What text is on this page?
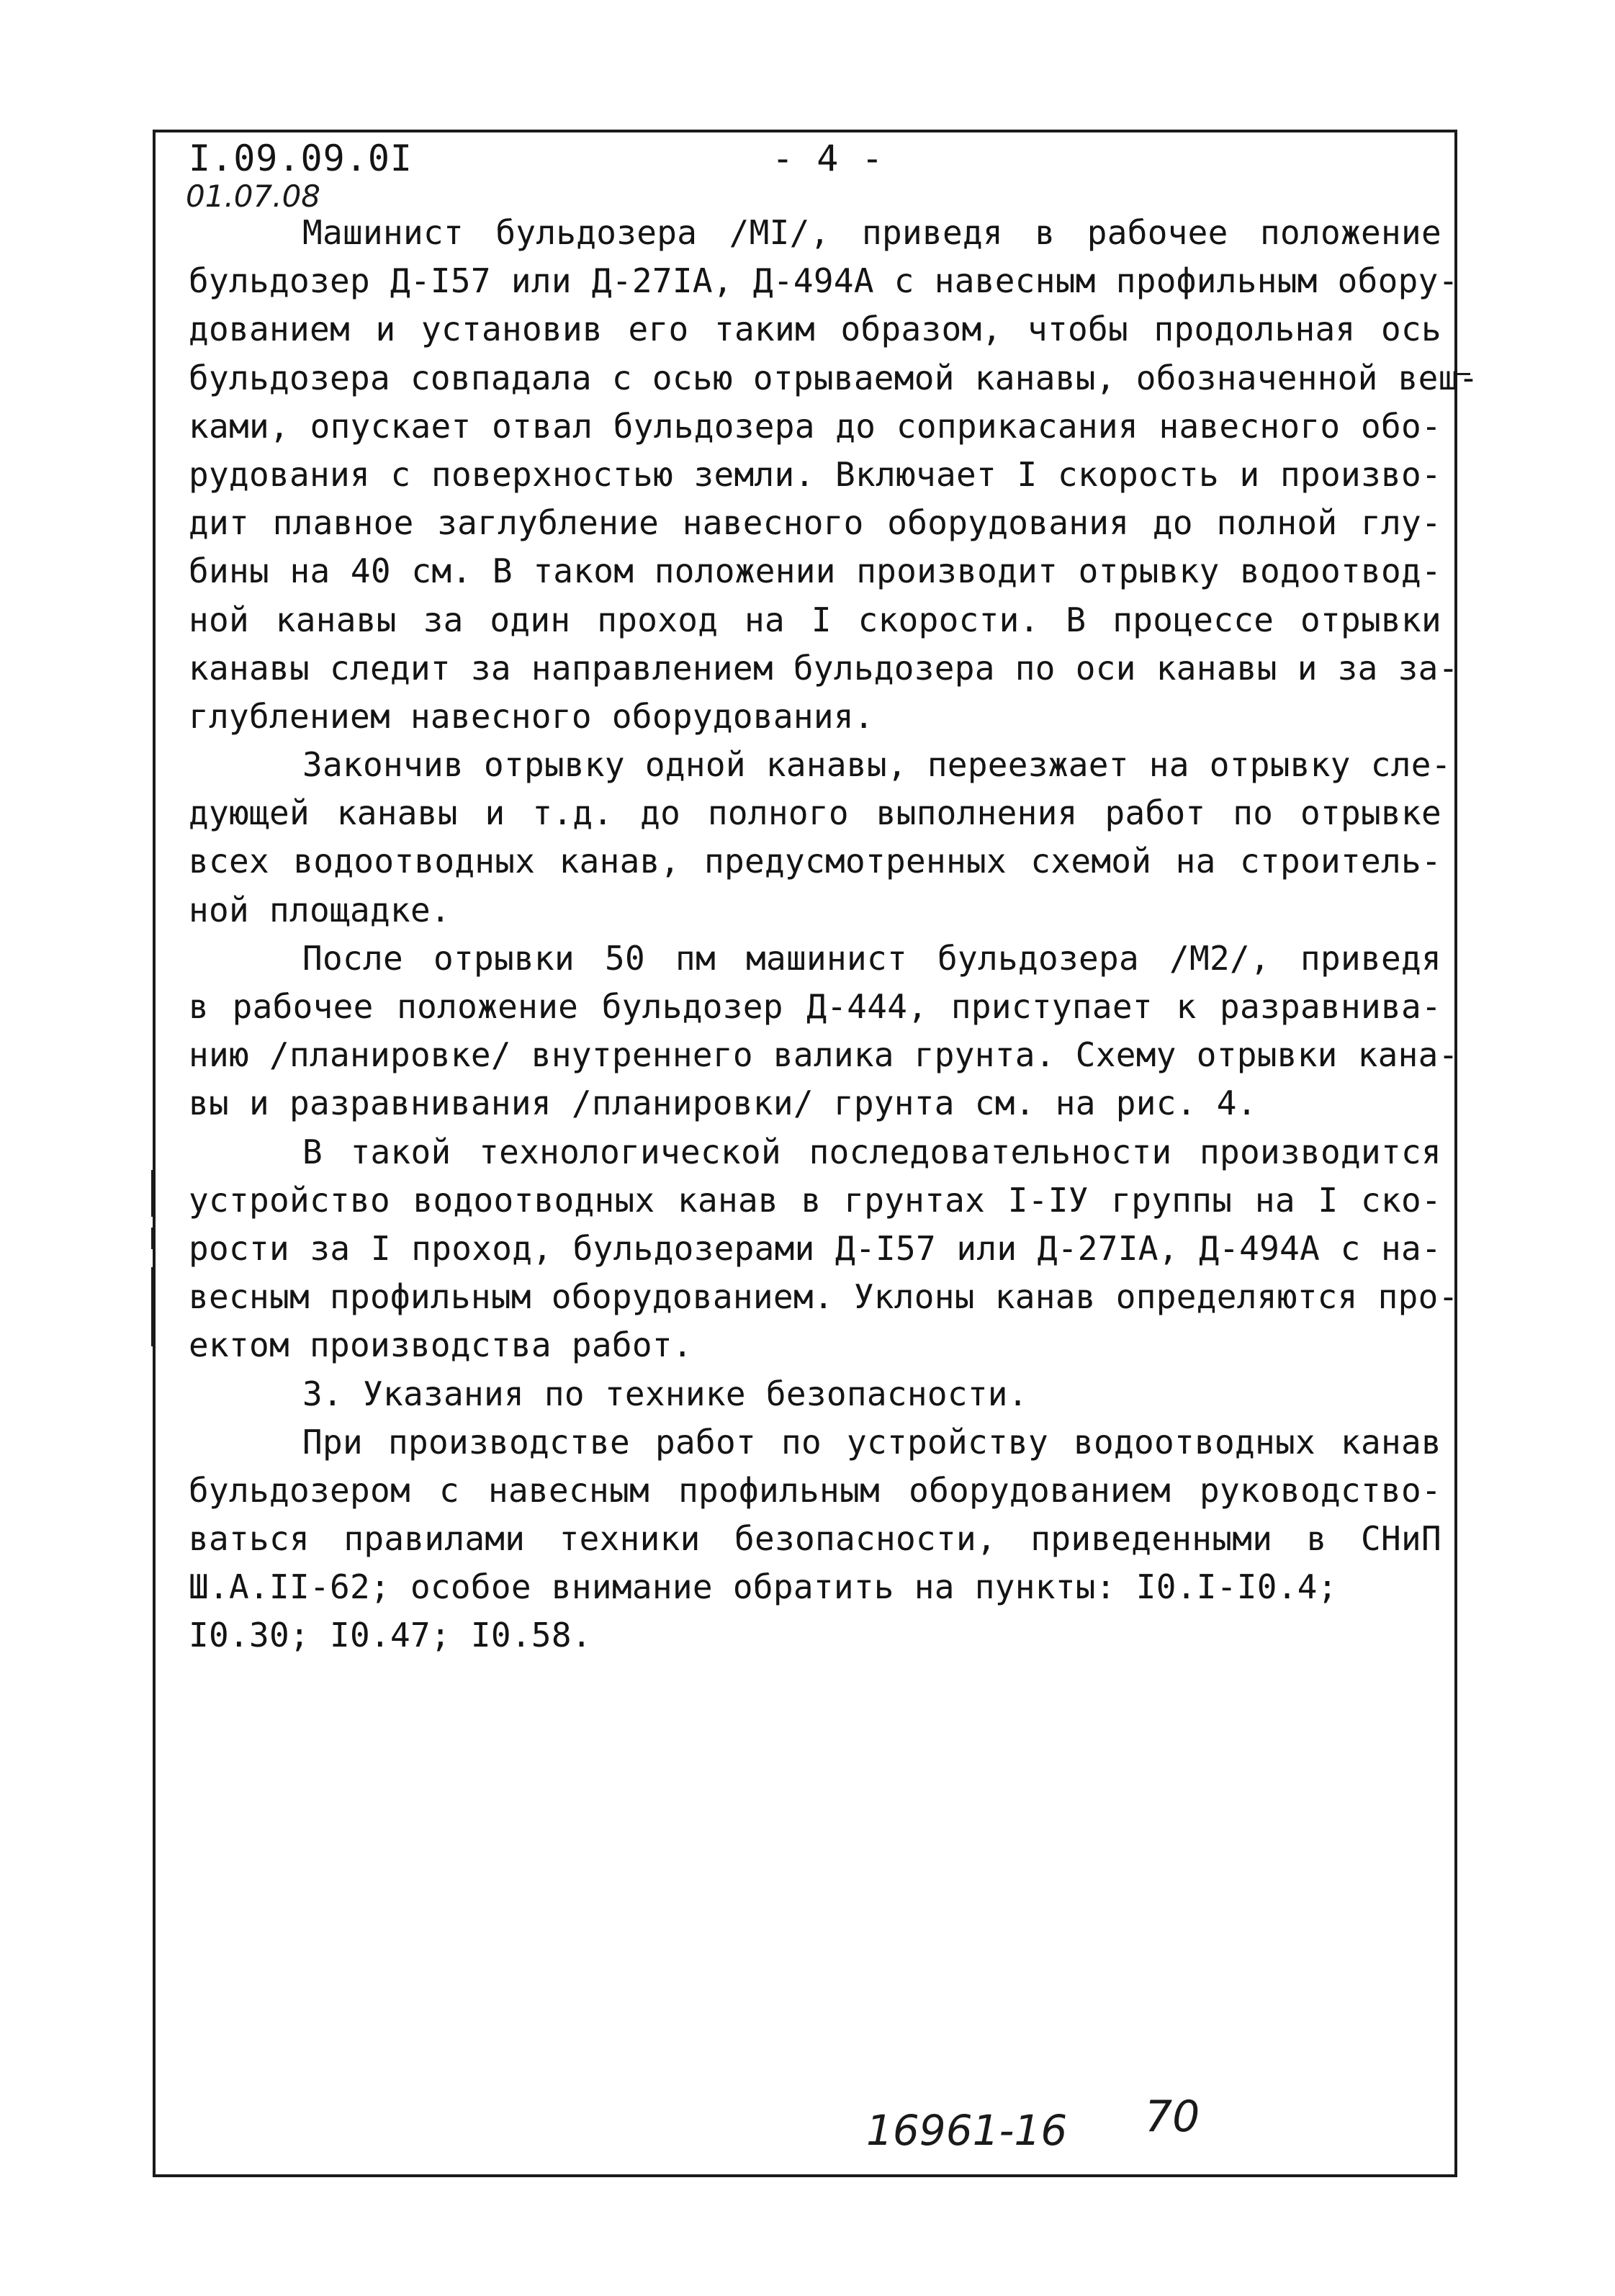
I.09.09.0I	- 4 -
01.07.08
Машинист бульдозера /МI/, приведя в рабочее положение
бульдозер Д-I57 или Д-27IА, Д-494А с навесным профильным обору-
дованием и установив его таким образом, чтобы продольная ось
бульдозера совпадала с осью отрываемой канавы, обозначенной веш-
ками, опускает отвал бульдозера до соприкасания навесного обо-
рудования с поверхностью земли. Включает I скорость и произво-
дит плавное заглубление навесного оборудования до полной глу-
бины на 40 см. В таком положении производит отрывку водоотвод-
ной канавы за один проход на I скорости. В процессе отрывки
канавы следит за направлением бульдозера по оси канавы и за за-
глублением навесного оборудования.
Закончив отрывку одной канавы, переезжает на отрывку сле-
дующей канавы и т.д. до полного выполнения работ по отрывке
всех водоотводных канав, предусмотренных схемой на строитель-
ной площадке.
После отрывки 50 пм машинист бульдозера /М2/, приведя
в рабочее положение бульдозер Д-444, приступает к разравнива-
нию /планировке/ внутреннего валика грунта. Схему отрывки кана-
вы и разравнивания /планировки/ грунта см. на рис. 4.
В такой технологической последовательности производится
устройство водоотводных канав в грунтах I-IУ группы на I ско-
рости за I проход, бульдозерами Д-I57 или Д-27IА, Д-494А с на-
весным профильным оборудованием. Уклоны канав определяются про-
ектом производства работ.
3. Указания по технике безопасности.
При производстве работ по устройству водоотводных канав
бульдозером с навесным профильным оборудованием руководство-
ваться правилами техники безопасности, приведенными в СНиП
Ш.А.II-62; особое внимание обратить на пункты: I0.I-I0.4;
I0.30; I0.47; I0.58.
16961-16 70
